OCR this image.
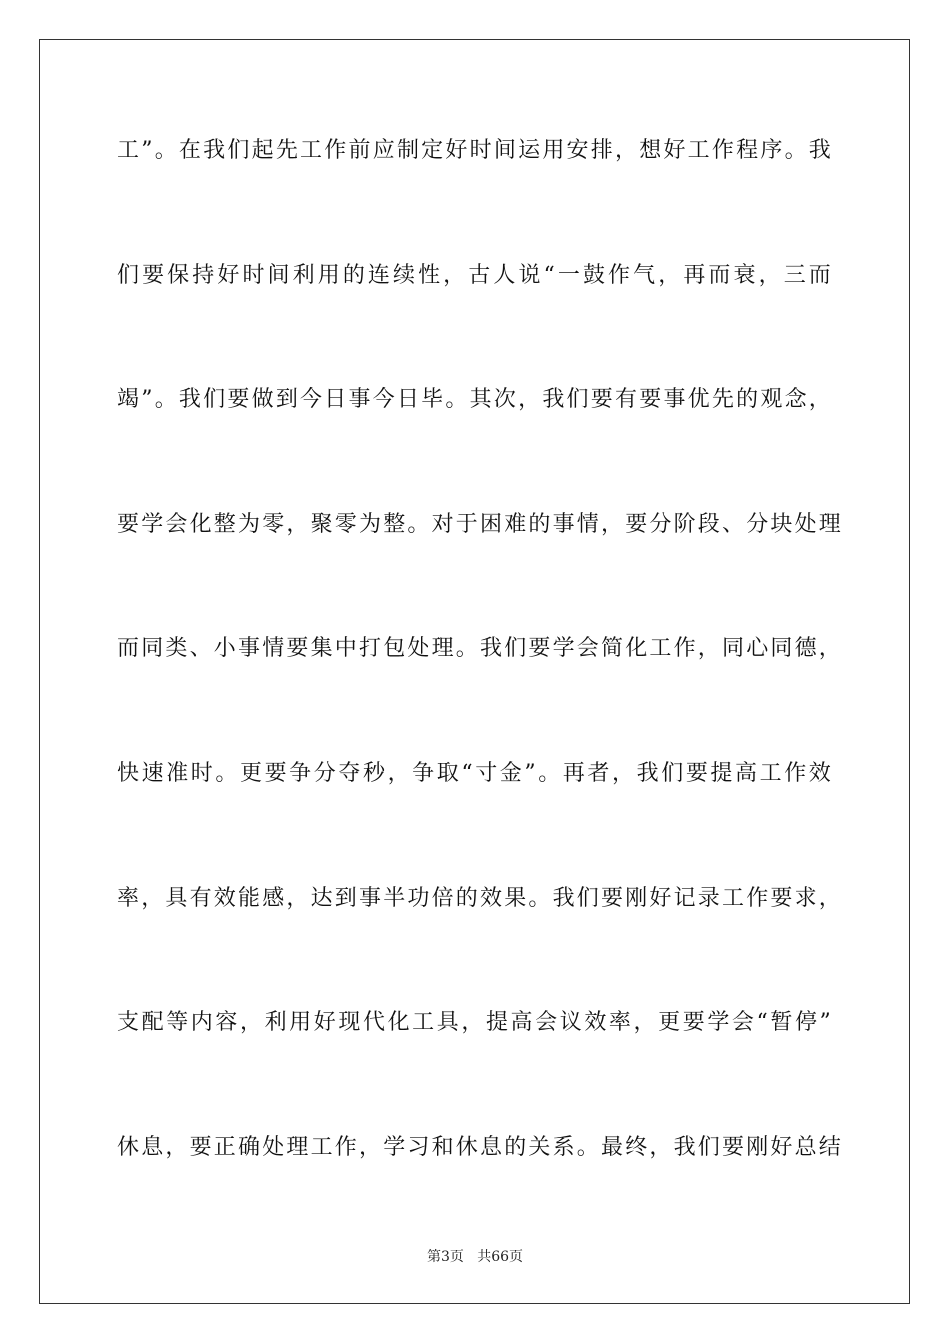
工”。在我们起先工作前应制定好时间运用安排，想好工作程序。我
们要保持好时间利用的连续性，古人说“一鼓作气，再而衰，三而
竭”。我们要做到今日事今日毕。其次，我们要有要事优先的观念，
要学会化整为零，聚零为整。对于困难的事情，要分阶段、分块处理
而同类、小事情要集中打包处理。我们要学会简化工作，同心同德，
快速准时。更要争分夺秒，争取“寸金”。再者，我们要提高工作效
率，具有效能感，达到事半功倍的效果。我们要刚好记录工作要求，
支配等内容，利用好现代化工具，提高会议效率，更要学会“暂停”
休息，要正确处理工作，学习和休息的关系。最终，我们要刚好总结
第3页   共66页
